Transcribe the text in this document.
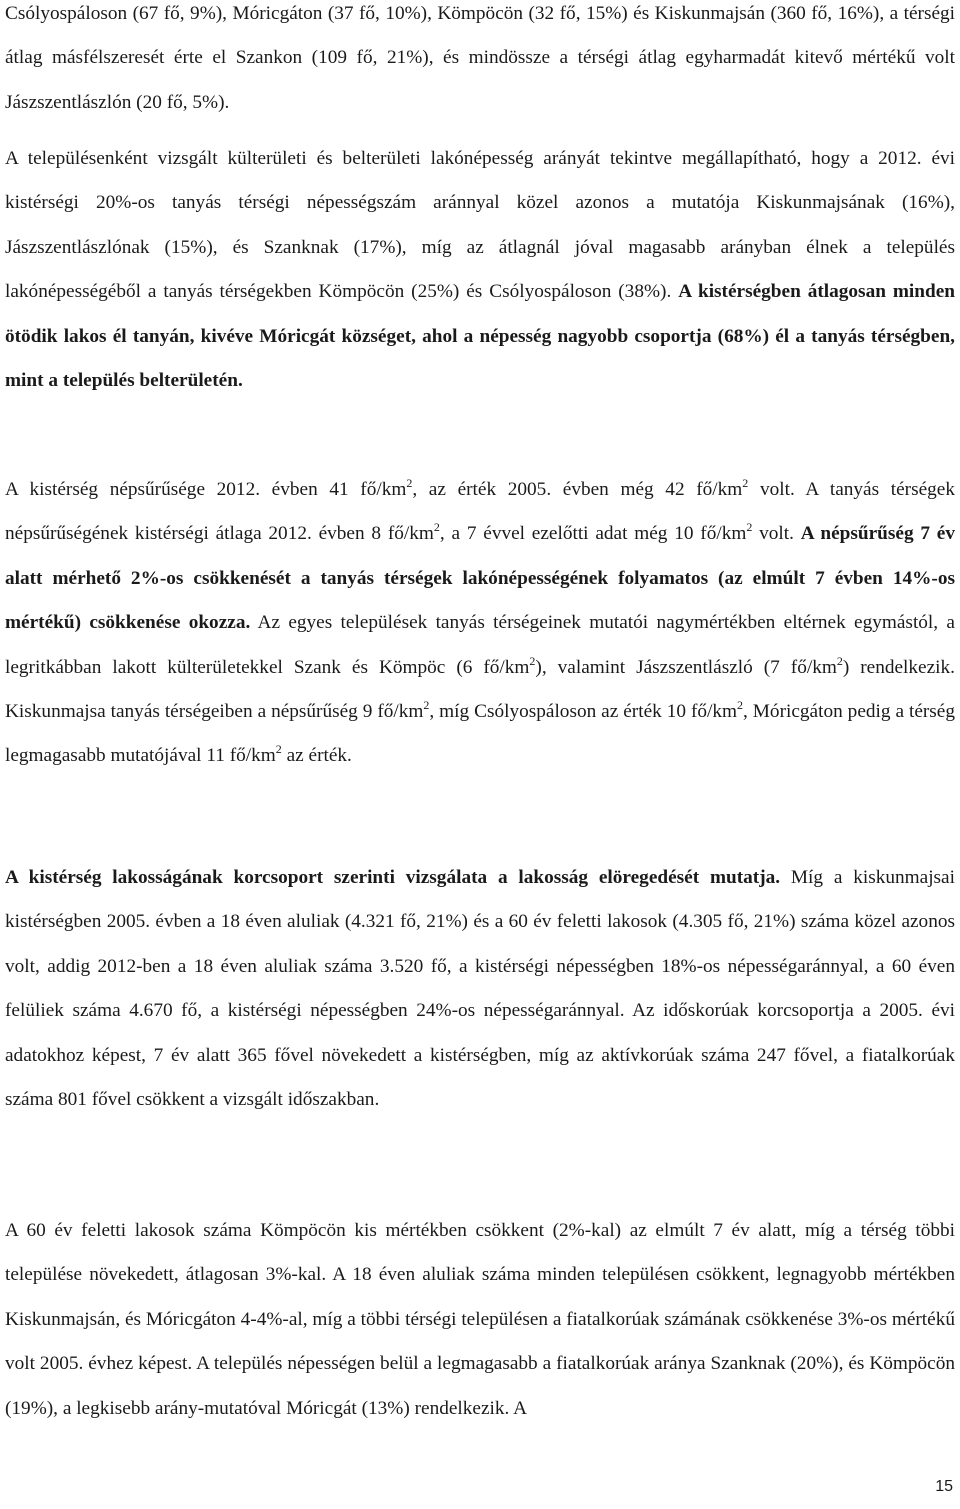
Csólyospáloson (67 fő, 9%), Móricgáton (37 fő, 10%), Kömpöcön (32 fő, 15%) és Kiskunmajsán (360 fő, 16%), a térségi átlag másfélszeresét érte el Szankon (109 fő, 21%), és mindössze a térségi átlag egyharmadát kitevő mértékű volt Jászszentlászlón (20 fő, 5%).

A településenként vizsgált külterületi és belterületi lakónépesség arányát tekintve megállapítható, hogy a 2012. évi kistérségi 20%-os tanyás térségi népességszám aránnyal közel azonos a mutatója Kiskunmajsának (16%), Jászszentlászlónak (15%), és Szanknak (17%), míg az átlagnál jóval magasabb arányban élnek a település lakónépességéből a tanyás térségekben Kömpöcön (25%) és Csólyospáloson (38%). A kistérségben átlagosan minden ötödik lakos él tanyán, kivéve Móricgát községet, ahol a népesség nagyobb csoportja (68%) él a tanyás térségben, mint a település belterületén.

A kistérség népsűrűsége 2012. évben 41 $fő/km^2$, az érték 2005. évben még 42 $fő/km^2$ volt. A tanyás térségek népsűrűségének kistérségi átlaga 2012. évben 8 $fő/km^2$, a 7 évvel ezelőtti adat még 10 $fő/km^2$ volt. A népsűrűség 7 év alatt mérhető 2%-os csökkenését a tanyás térségek lakónépességének folyamatos (az elmúlt 7 évben 14%-os mértékű) csökkenése okozza. Az egyes települések tanyás térségeinek mutatói nagymértékben eltérnek egymástól, a legritkábban lakott külterületekkel Szank és Kömpöc (6 $fő/km^2$), valamint Jászszentlászló (7 $fő/km^2$) rendelkezik. Kiskunmajsa tanyás térségeiben a népsűrűség 9 $fő/km^2$, míg Csólyospáloson az érték 10 $fő/km^2$, Móricgáton pedig a térség legmagasabb mutatójával 11 $fő/km^2$ az érték.

A kistérség lakosságának korcsoport szerinti vizsgálata a lakosság elöregedését mutatja. Míg a kiskunmajsai kistérségben 2005. évben a 18 éven aluliak (4.321 fő, 21%) és a 60 év feletti lakosok (4.305 fő, 21%) száma közel azonos volt, addig 2012-ben a 18 éven aluliak száma 3.520 fő, a kistérségi népességben 18%-os népességaránnyal, a 60 éven felüliek száma 4.670 fő, a kistérségi népességben 24%-os népességaránnyal. Az időskorúak korcsoportja a 2005. évi adatokhoz képest, 7 év alatt 365 fővel növekedett a kistérségben, míg az aktívkorúak száma 247 fővel, a fiatalkorúak száma 801 fővel csökkent a vizsgált időszakban.

A 60 év feletti lakosok száma Kömpöcön kis mértékben csökkent (2%-kal) az elmúlt 7 év alatt, míg a térség többi települése növekedett, átlagosan 3%-kal. A 18 éven aluliak száma minden településen csökkent, legnagyobb mértékben Kiskunmajsán, és Móricgáton 4-4%-al, míg a többi térségi településen a fiatalkorúak számának csökkenése 3%-os mértékű volt 2005. évhez képest. A település népességen belül a legmagasabb a fiatalkorúak aránya Szanknak (20%), és Kömpöcön (19%), a legkisebb arány-mutatóval Móricgát (13%) rendelkezik. A

15
